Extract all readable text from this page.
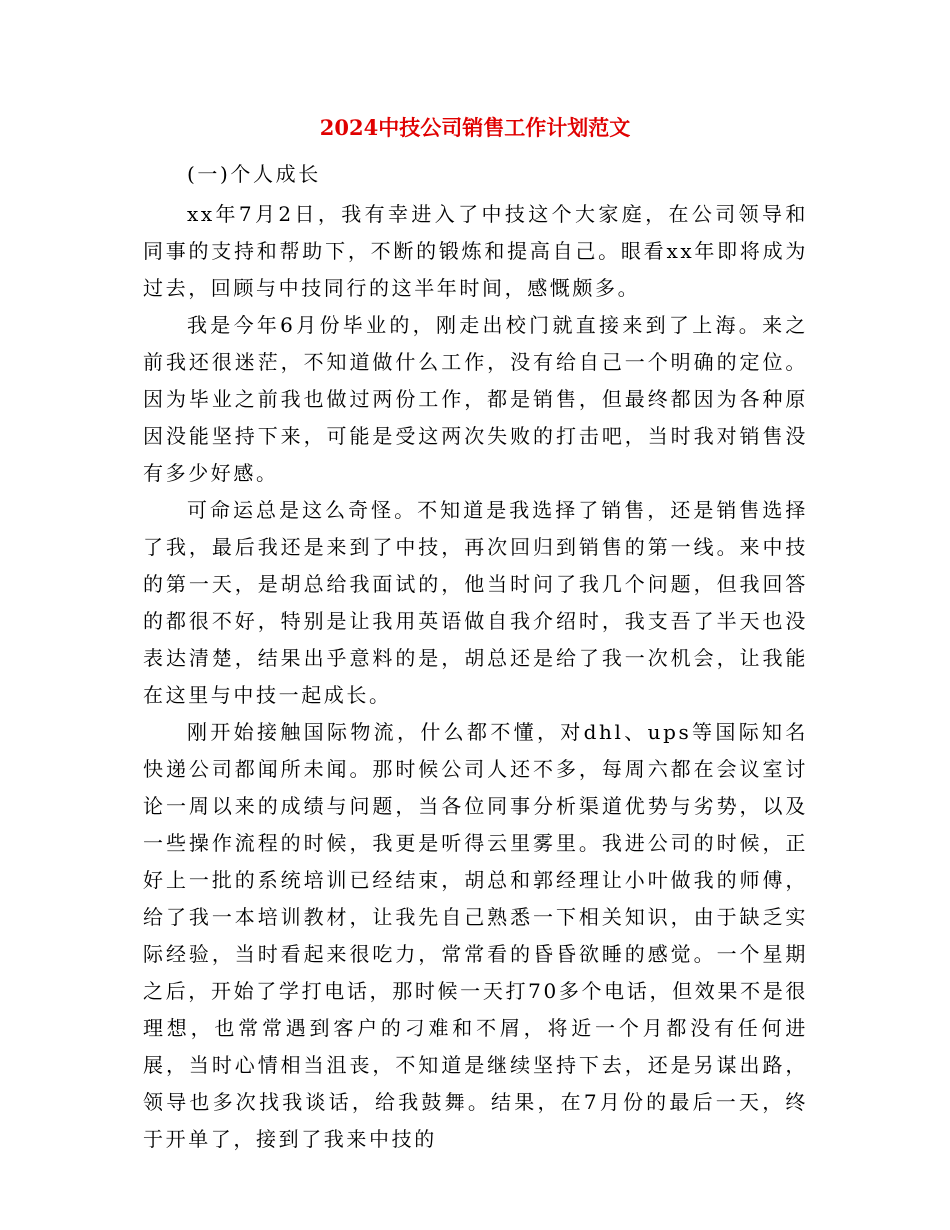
2024中技公司销售工作计划范文

(一)个人成长

xx年7月2日，我有幸进入了中技这个大家庭，在公司领导和同事的支持和帮助下，不断的锻炼和提高自己。眼看xx年即将成为过去，回顾与中技同行的这半年时间，感慨颇多。

我是今年6月份毕业的，刚走出校门就直接来到了上海。来之前我还很迷茫，不知道做什么工作，没有给自己一个明确的定位。因为毕业之前我也做过两份工作，都是销售，但最终都因为各种原因没能坚持下来，可能是受这两次失败的打击吧，当时我对销售没有多少好感。

可命运总是这么奇怪。不知道是我选择了销售，还是销售选择了我，最后我还是来到了中技，再次回归到销售的第一线。来中技的第一天，是胡总给我面试的，他当时问了我几个问题，但我回答的都很不好，特别是让我用英语做自我介绍时，我支吾了半天也没表达清楚，结果出乎意料的是，胡总还是给了我一次机会，让我能在这里与中技一起成长。

刚开始接触国际物流，什么都不懂，对dhl、ups等国际知名快递公司都闻所未闻。那时候公司人还不多，每周六都在会议室讨论一周以来的成绩与问题，当各位同事分析渠道优势与劣势，以及一些操作流程的时候，我更是听得云里雾里。我进公司的时候，正好上一批的系统培训已经结束，胡总和郭经理让小叶做我的师傅，给了我一本培训教材，让我先自己熟悉一下相关知识，由于缺乏实际经验，当时看起来很吃力，常常看的昏昏欲睡的感觉。一个星期之后，开始了学打电话，那时候一天打70多个电话，但效果不是很理想，也常常遇到客户的刁难和不屑，将近一个月都没有任何进展，当时心情相当沮丧，不知道是继续坚持下去，还是另谋出路，领导也多次找我谈话，给我鼓舞。结果，在7月份的最后一天，终于开单了，接到了我来中技的
